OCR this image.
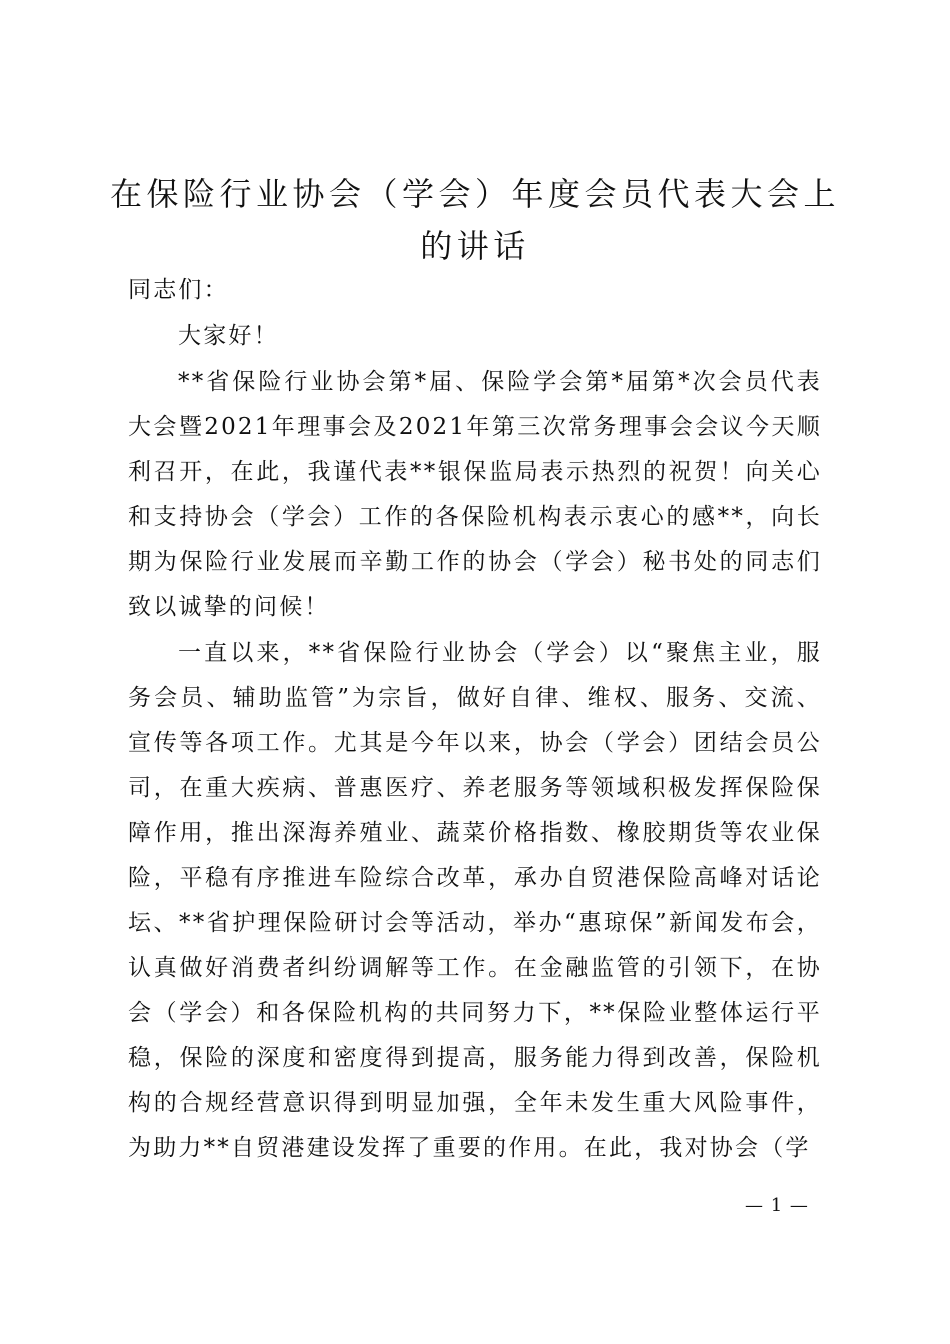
在保险行业协会（学会）年度会员代表大会上的讲话

同志们：

大家好！

**省保险行业协会第*届、保险学会第*届第*次会员代表大会暨2021年理事会及2021年第三次常务理事会会议今天顺利召开，在此，我谨代表**银保监局表示热烈的祝贺！向关心和支持协会（学会）工作的各保险机构表示衷心的感**，向长期为保险行业发展而辛勤工作的协会（学会）秘书处的同志们致以诚挚的问候！

一直以来，**省保险行业协会（学会）以“聚焦主业，服务会员、辅助监管”为宗旨，做好自律、维权、服务、交流、宣传等各项工作。尤其是今年以来，协会（学会）团结会员公司，在重大疾病、普惠医疗、养老服务等领域积极发挥保险保障作用，推出深海养殖业、蔬菜价格指数、橡胶期货等农业保险，平稳有序推进车险综合改革，承办自贸港保险高峰对话论坛、**省护理保险研讨会等活动，举办“惠琼保”新闻发布会，认真做好消费者纠纷调解等工作。在金融监管的引领下，在协会（学会）和各保险机构的共同努力下，**保险业整体运行平稳，保险的深度和密度得到提高，服务能力得到改善，保险机构的合规经营意识得到明显加强，全年未发生重大风险事件，为助力**自贸港建设发挥了重要的作用。在此，我对协会（学

— 1 —
